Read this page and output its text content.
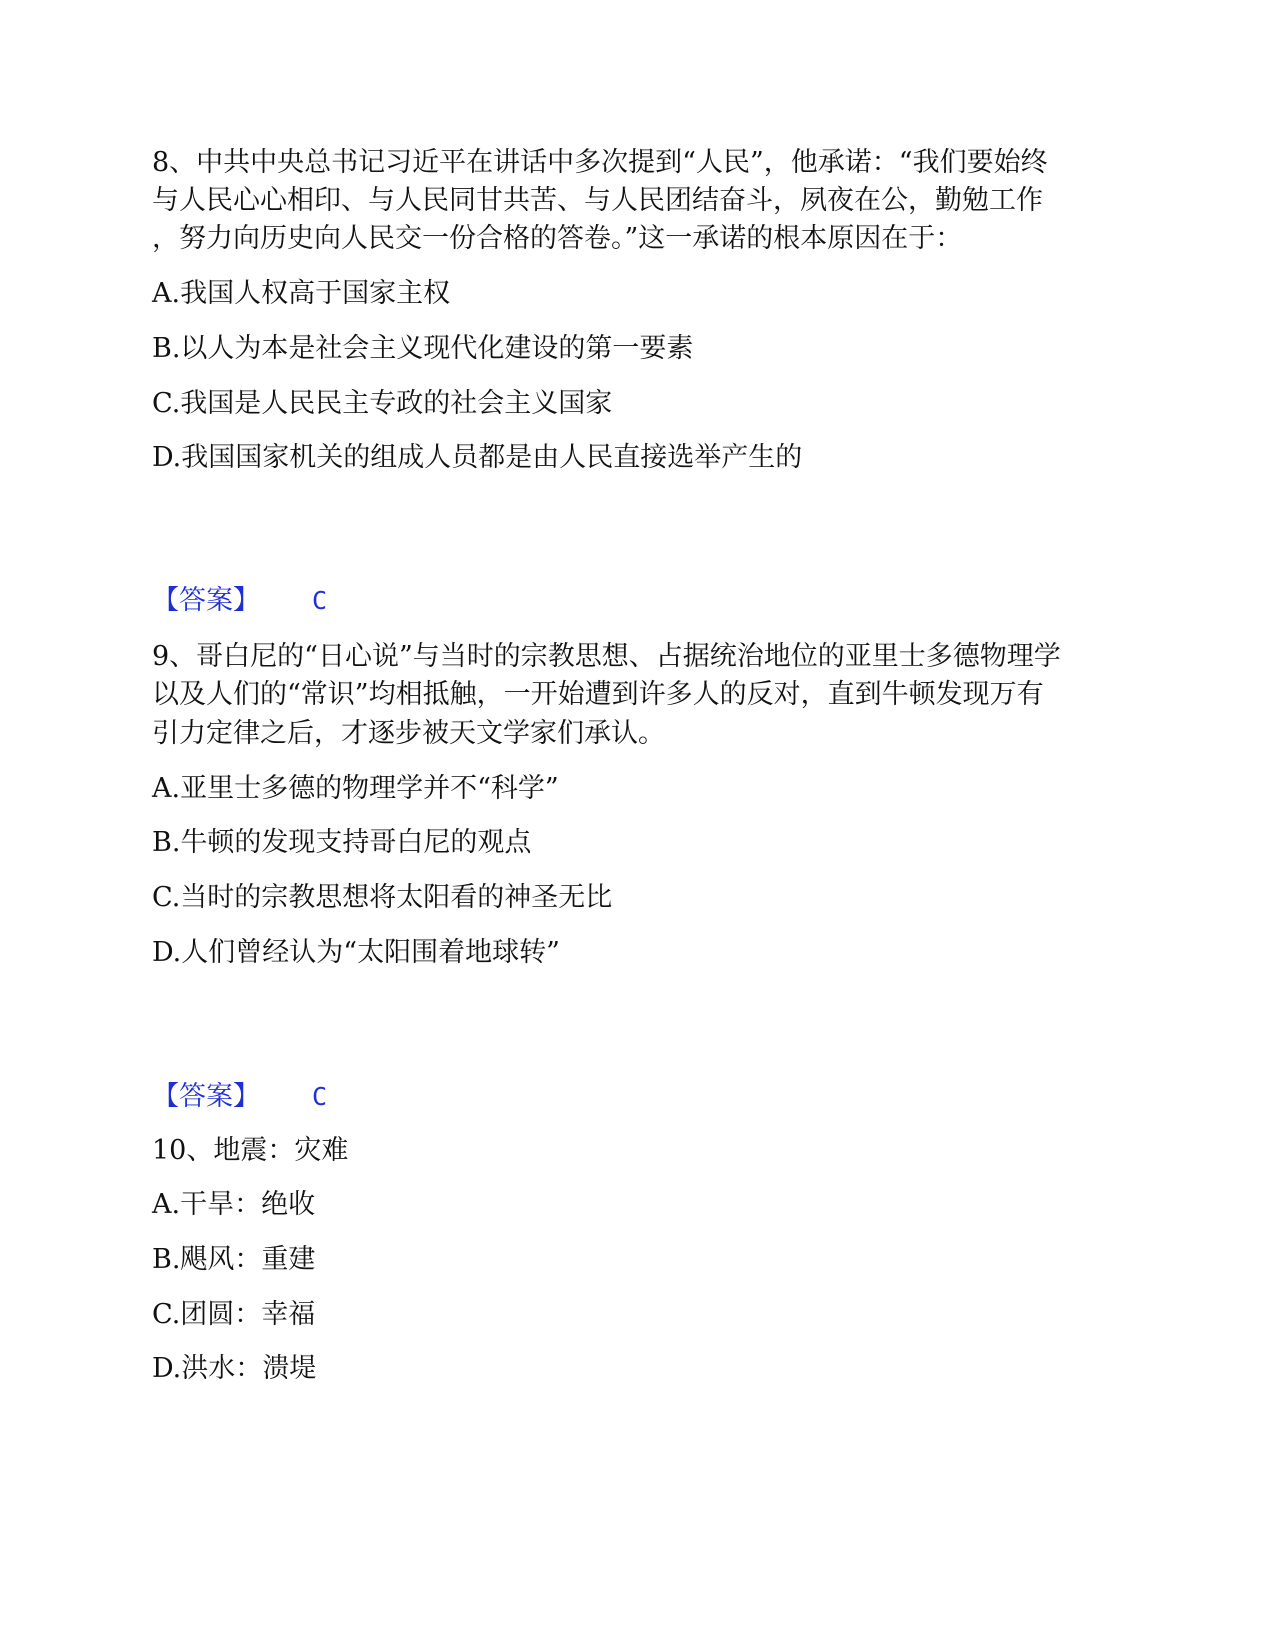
8、中共中央总书记习近平在讲话中多次提到“人民”，他承诺：“我们要始终

与人民心心相印、与人民同甘共苦、与人民团结奋斗，夙夜在公，勤勉工作

，努力向历史向人民交一份合格的答卷。”这一承诺的根本原因在于：

A.我国人权高于国家主权

B.以人为本是社会主义现代化建设的第一要素

C.我国是人民民主专政的社会主义国家

D.我国国家机关的组成人员都是由人民直接选举产生的

【答案】 C

9、哥白尼的“日心说”与当时的宗教思想、占据统治地位的亚里士多德物理学

以及人们的“常识”均相抵触，一开始遭到许多人的反对，直到牛顿发现万有

引力定律之后，才逐步被天文学家们承认。

A.亚里士多德的物理学并不“科学”

B.牛顿的发现支持哥白尼的观点

C.当时的宗教思想将太阳看的神圣无比

D.人们曾经认为“太阳围着地球转”

【答案】 C

10、地震：灾难

A.干旱：绝收

B.飓风：重建

C.团圆：幸福

D.洪水：溃堤
